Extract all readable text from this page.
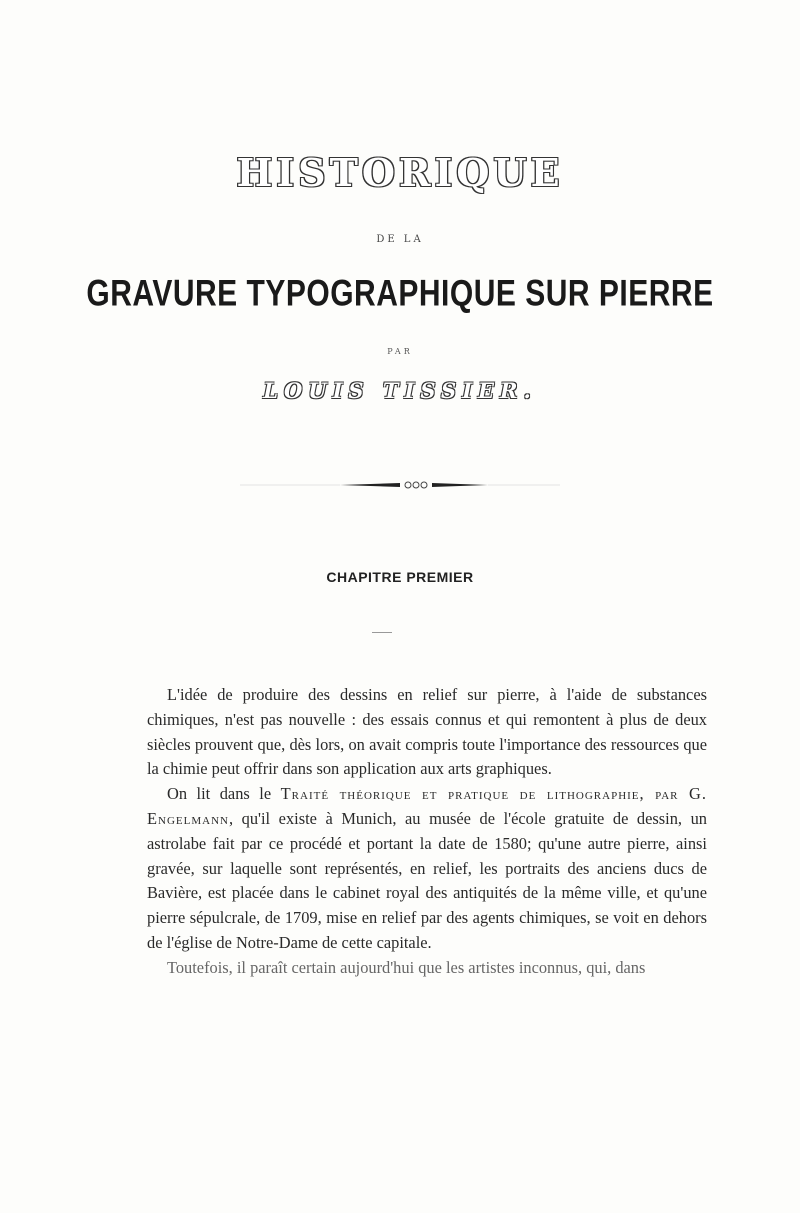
HISTORIQUE
DE LA
GRAVURE TYPOGRAPHIQUE SUR PIERRE
PAR
LOUIS TISSIER.
CHAPITRE PREMIER

L'idée de produire des dessins en relief sur pierre, à l'aide de substances chimiques, n'est pas nouvelle : des essais connus et qui remontent à plus de deux siècles prouvent que, dès lors, on avait compris toute l'importance des ressources que la chimie peut offrir dans son application aux arts graphiques.

On lit dans le Traité théorique et pratique de lithographie, par G. Engelmann, qu'il existe à Munich, au musée de l'école gratuite de dessin, un astrolabe fait par ce procédé et portant la date de 1580; qu'une autre pierre, ainsi gravée, sur laquelle sont représentés, en relief, les portraits des anciens ducs de Bavière, est placée dans le cabinet royal des antiquités de la même ville, et qu'une pierre sépulcrale, de 1709, mise en relief par des agents chimiques, se voit en dehors de l'église de Notre-Dame de cette capitale.

Toutefois, il paraît certain aujourd'hui que les artistes inconnus, qui, dans
